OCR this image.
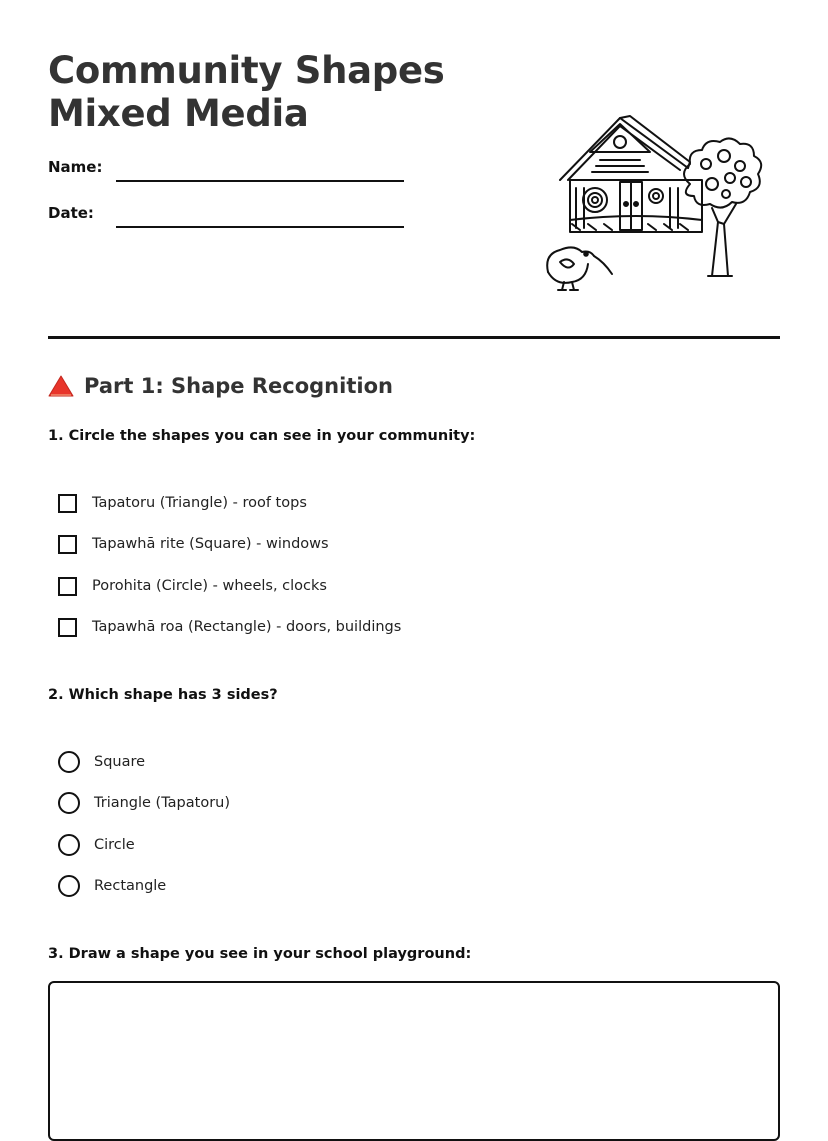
Community Shapes
Mixed Media
Name:
Date:
Part 1: Shape Recognition

1. Circle the shapes you can see in your community:

Tapatoru (Triangle) - roof tops
Tapawhā rite (Square) - windows
Porohita (Circle) - wheels, clocks
Tapawhā roa (Rectangle) - doors, buildings

2. Which shape has 3 sides?

Square
Triangle (Tapatoru)
Circle
Rectangle

3. Draw a shape you see in your school playground:
